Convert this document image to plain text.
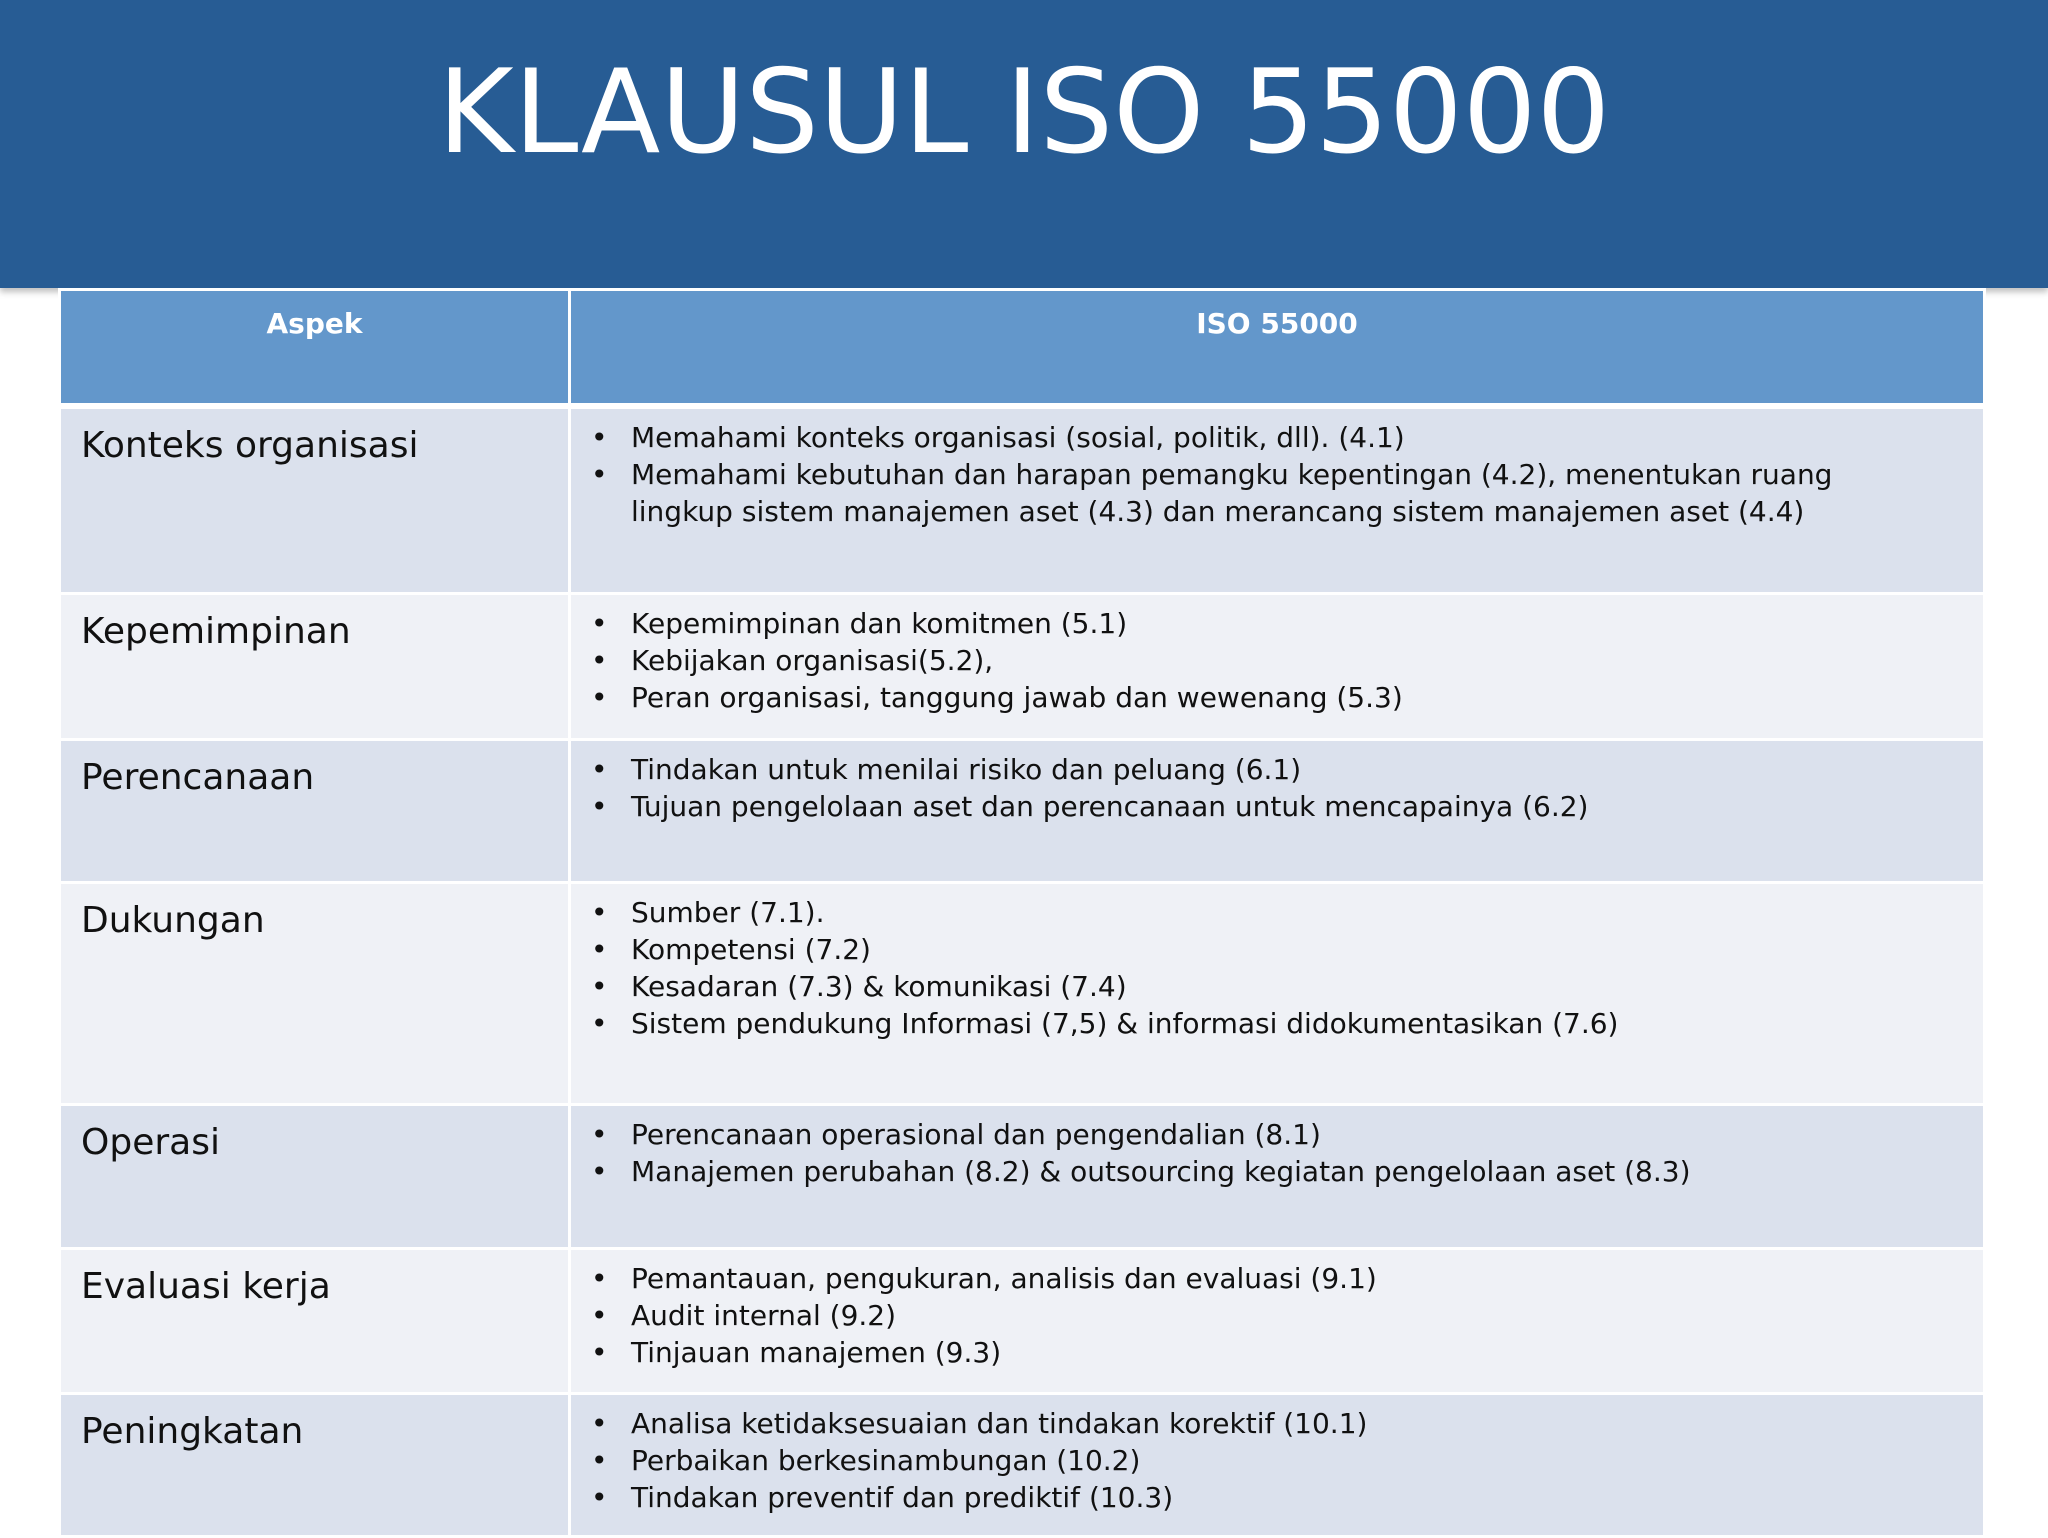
KLAUSUL ISO 55000
Aspek	ISO 55000
Konteks organisasi	• Memahami konteks organisasi (sosial, politik, dll). (4.1)
• Memahami kebutuhan dan harapan pemangku kepentingan (4.2), menentukan ruang lingkup sistem manajemen aset (4.3) dan merancang sistem manajemen aset (4.4)
Kepemimpinan	• Kepemimpinan dan komitmen (5.1)
• Kebijakan organisasi(5.2),
• Peran organisasi, tanggung jawab dan wewenang (5.3)
Perencanaan	• Tindakan untuk menilai risiko dan peluang (6.1)
• Tujuan pengelolaan aset dan perencanaan untuk mencapainya (6.2)
Dukungan	• Sumber (7.1).
• Kompetensi (7.2)
• Kesadaran (7.3) & komunikasi (7.4)
• Sistem pendukung Informasi (7,5) & informasi didokumentasikan (7.6)
Operasi	• Perencanaan operasional dan pengendalian (8.1)
• Manajemen perubahan (8.2) & outsourcing kegiatan pengelolaan aset (8.3)
Evaluasi kerja	• Pemantauan, pengukuran, analisis dan evaluasi (9.1)
• Audit internal (9.2)
• Tinjauan manajemen (9.3)
Peningkatan	• Analisa ketidaksesuaian dan tindakan korektif (10.1)
• Perbaikan berkesinambungan (10.2)
• Tindakan preventif dan prediktif (10.3)
